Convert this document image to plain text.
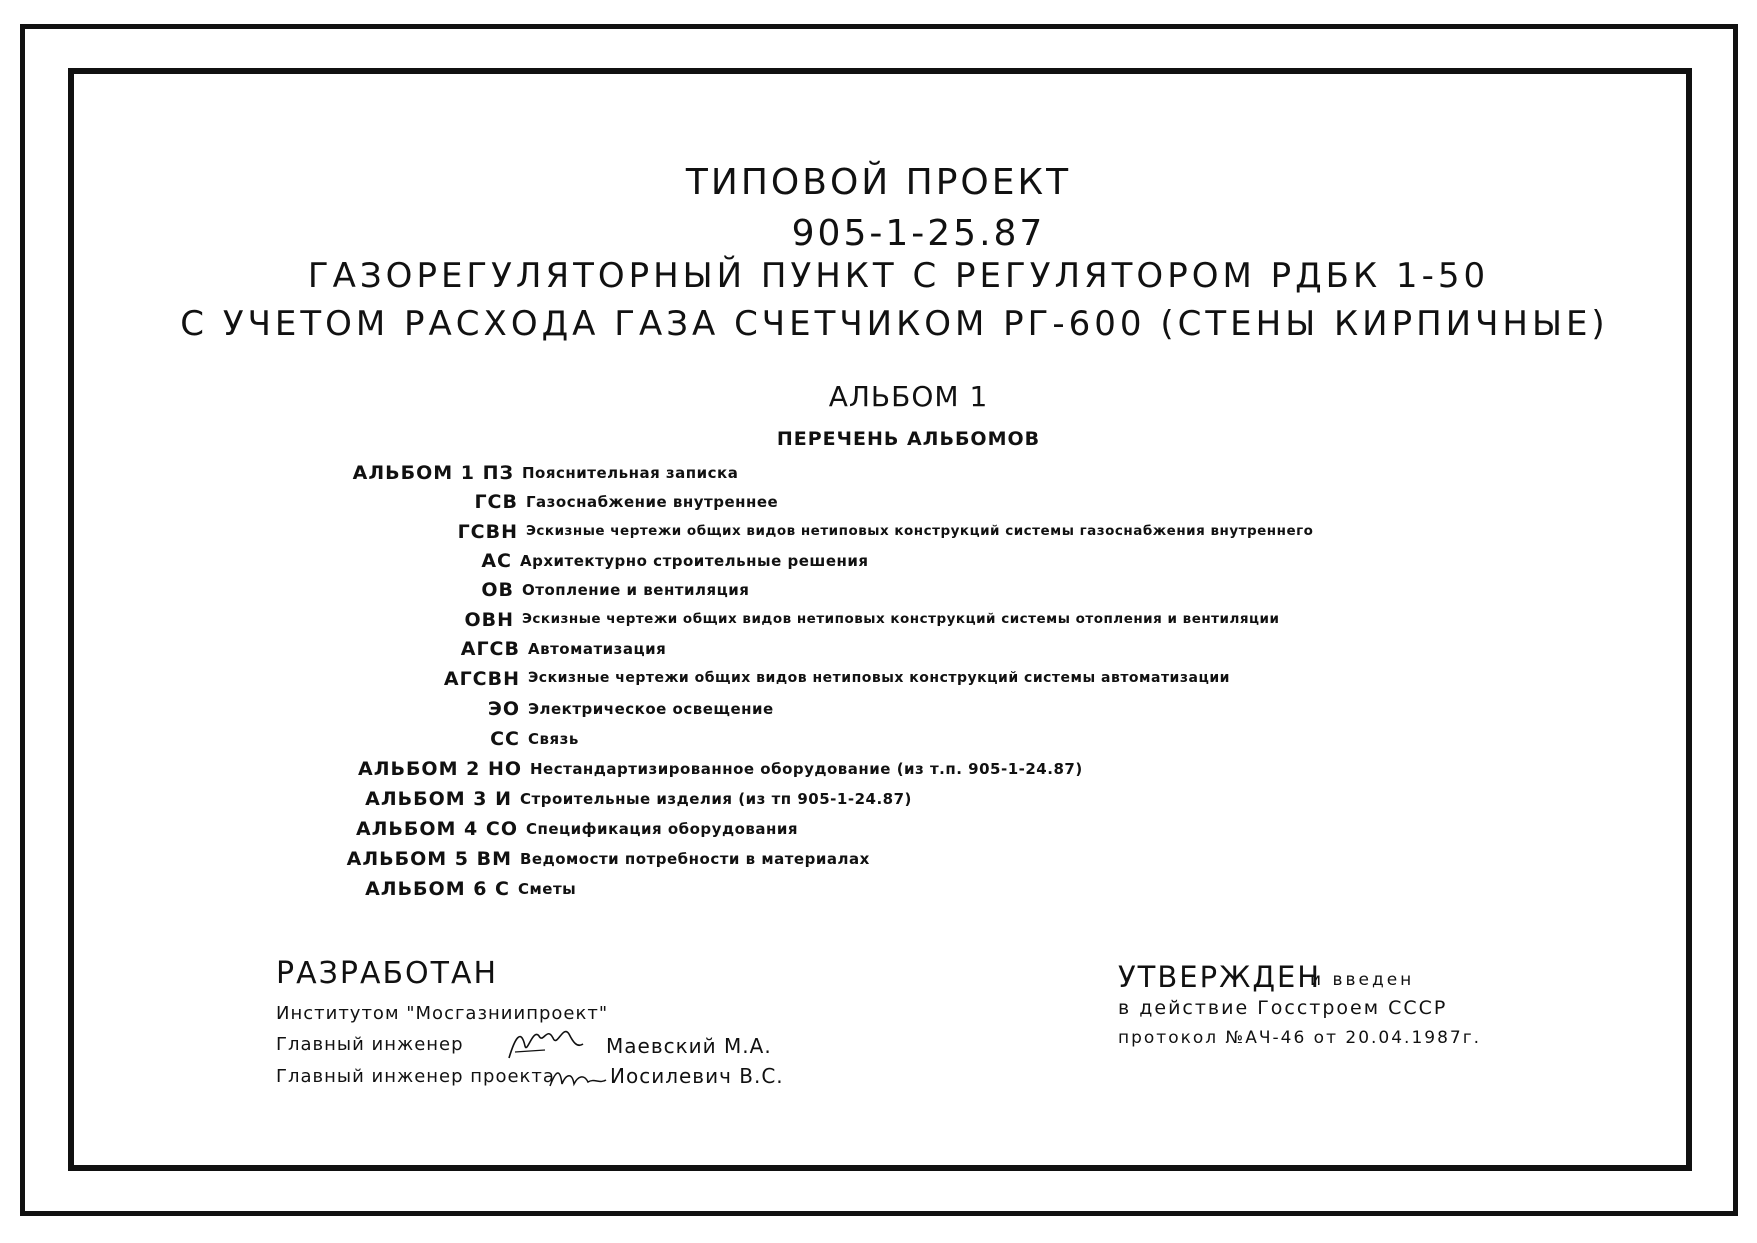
ТИПОВОЙ ПРОЕКТ
905-1-25.87
ГАЗОРЕГУЛЯТОРНЫЙ ПУНКТ С РЕГУЛЯТОРОМ РДБК 1-50
С УЧЕТОМ РАСХОДА ГАЗА СЧЕТЧИКОМ РГ-600 (СТЕНЫ КИРПИЧНЫЕ)
АЛЬБОМ 1
ПЕРЕЧЕНЬ АЛЬБОМОВ
АЛЬБОМ 1 ПЗ Пояснительная записка
ГСВ Газоснабжение внутреннее
ГСВН Эскизные чертежи общих видов нетиповых конструкций системы газоснабжения внутреннего
АС Архитектурно строительные решения
ОВ Отопление и вентиляция
ОВН Эскизные чертежи общих видов нетиповых конструкций системы отопления и вентиляции
АГСВ Автоматизация
АГСВН Эскизные чертежи общих видов нетиповых конструкций системы автоматизации
ЭО Электрическое освещение
СС Связь
АЛЬБОМ 2 НО Нестандартизированное оборудование (из т.п. 905-1-24.87)
АЛЬБОМ 3 И Строительные изделия (из тп 905-1-24.87)
АЛЬБОМ 4 СО Спецификация оборудования
АЛЬБОМ 5 ВМ Ведомости потребности в материалах
АЛЬБОМ 6 С Сметы
РАЗРАБОТАН
Институтом "Мосгазниипроект"
Главный инженер	Маевский М.А.
Главный инженер проекта	Иосилевич В.С.
УТВЕРЖДЕН
и введен
в действие Госстроем СССР
протокол №АЧ-46 от 20.04.1987г.
